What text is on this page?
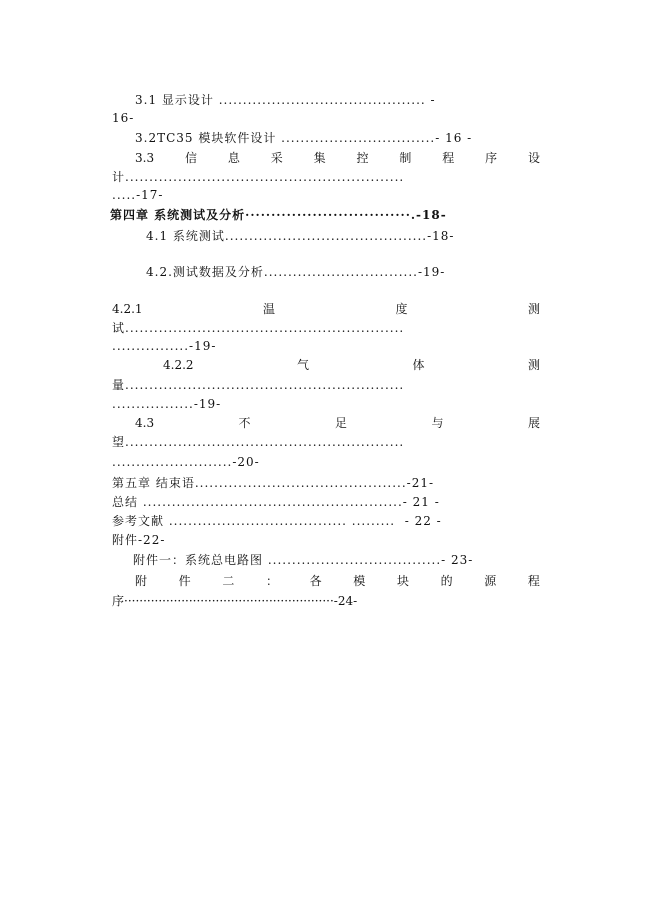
3.1 显示设计 ........................................... -
16-
3.2TC35 模块软件设计 ................................- 16 -
3.3	信	息	采	集	控	制	程	序	设
计..........................................................
.....-17-
第四章 系统测试及分析································.-18-
4.1 系统测试..........................................-18-
4.2.测试数据及分析................................-19-
4.2.1	温	度	测
试..........................................................
................-19-
4.2.2	气	体	测
量..........................................................
.................-19-
4.3	不	足	与	展
望..........................................................
.........................-20-
第五章 结束语............................................-21-
总结 ......................................................- 21 -
参考文献 ..................................... .........  - 22 -
附件-22-
附件一：系统总电路图 ....................................- 23-
附	件	二	：	各	模	块	的	源	程
序·······················································-24-
